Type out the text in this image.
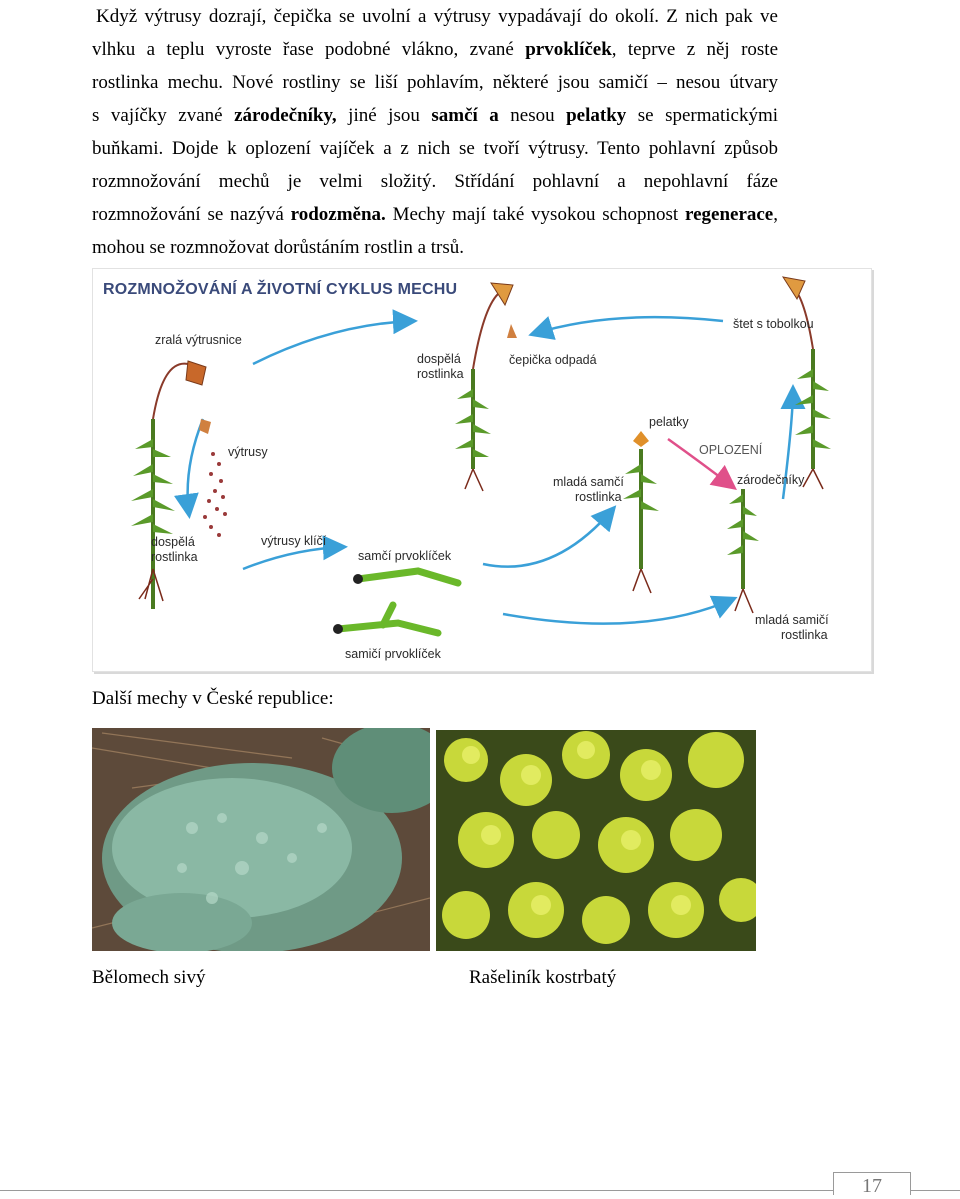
Když výtrusy dozrají, čepička se uvolní a výtrusy vypadávají do okolí. Z nich pak ve
vlhku a teplu vyroste řase podobné vlákno, zvané prvoklíček, teprve z něj roste
rostlinka mechu. Nové rostliny se liší pohlavím, některé jsou samičí – nesou útvary
s vajíčky zvané zárodečníky, jiné jsou samčí a nesou pelatky se spermatickými
buňkami. Dojde k oplození vajíček a z nich se tvoří výtrusy. Tento pohlavní způsob
rozmnožování mechů je velmi složitý. Střídání pohlavní a nepohlavní fáze
rozmnožování se nazývá rodozměna. Mechy mají také vysokou schopnost regenerace,
mohou se rozmnožovat dorůstáním rostlin a trsů.
ROZMNOŽOVÁNÍ A ŽIVOTNÍ CYKLUS MECHU
zralá výtrusnice
výtrusy
dospělá
rostlinka
dospělá
rostlinka
čepička odpadá
štet s tobolkou
pelatky
OPLOZENÍ
zárodečníky
mladá samčí
rostlinka
výtrusy klíčí
samčí prvoklíček
samičí prvoklíček
mladá samičí
rostlinka
Další mechy v České republice:
Bělomech sivý	Rašeliník kostrbatý
17
